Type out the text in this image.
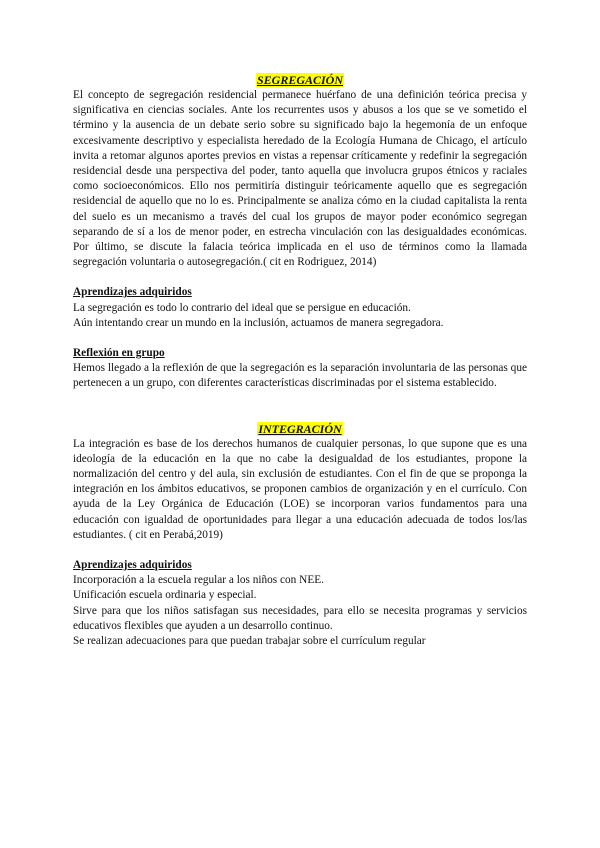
SEGREGACIÓN

El concepto de segregación residencial permanece huérfano de una definición teórica precisa y significativa en ciencias sociales. Ante los recurrentes usos y abusos a los que se ve sometido el término y la ausencia de un debate serio sobre su significado bajo la hegemonía de un enfoque excesivamente descriptivo y especialista heredado de la Ecología Humana de Chicago, el artículo invita a retomar algunos aportes previos en vistas a repensar críticamente y redefinir la segregación residencial desde una perspectiva del poder, tanto aquella que involucra grupos étnicos y raciales como socioeconómicos. Ello nos permitiría distinguir teóricamente aquello que es segregación residencial de aquello que no lo es. Principalmente se analiza cómo en la ciudad capitalista la renta del suelo es un mecanismo a través del cual los grupos de mayor poder económico segregan separando de sí a los de menor poder, en estrecha vinculación con las desigualdades económicas. Por último, se discute la falacia teórica implicada en el uso de términos como la llamada segregación voluntaria o autosegregación.( cit en Rodriguez, 2014)

Aprendizajes adquiridos

La segregación es todo lo contrario del ideal que se persigue en educación.

Aún intentando crear un mundo en la inclusión, actuamos de manera segregadora.

Reflexión en grupo

Hemos llegado a la reflexión de que la segregación es la separación involuntaria de las personas que pertenecen a un grupo, con diferentes características discriminadas por el sistema establecido.

INTEGRACIÓN

La integración es base de los derechos humanos de cualquier personas, lo que supone que es una ideología de la educación en la que no cabe la desigualdad de los estudiantes, propone la normalización del centro y del aula, sin exclusión de estudiantes. Con el fin de que se proponga la integración en los ámbitos educativos, se proponen cambios de organización y en el currículo. Con ayuda de la Ley Orgánica de Educación (LOE) se incorporan varios fundamentos para una educación con igualdad de oportunidades para llegar a una educación adecuada de todos los/las estudiantes. ( cit en Perabá,2019)

Aprendizajes adquiridos

Incorporación a la escuela regular a los niños con NEE.

Unificación escuela ordinaria y especial.

Sirve para que los niños satisfagan sus necesidades, para ello se necesita programas y servicios educativos flexibles que ayuden a un desarrollo continuo.

Se realizan adecuaciones para que puedan trabajar sobre el currículum regular
